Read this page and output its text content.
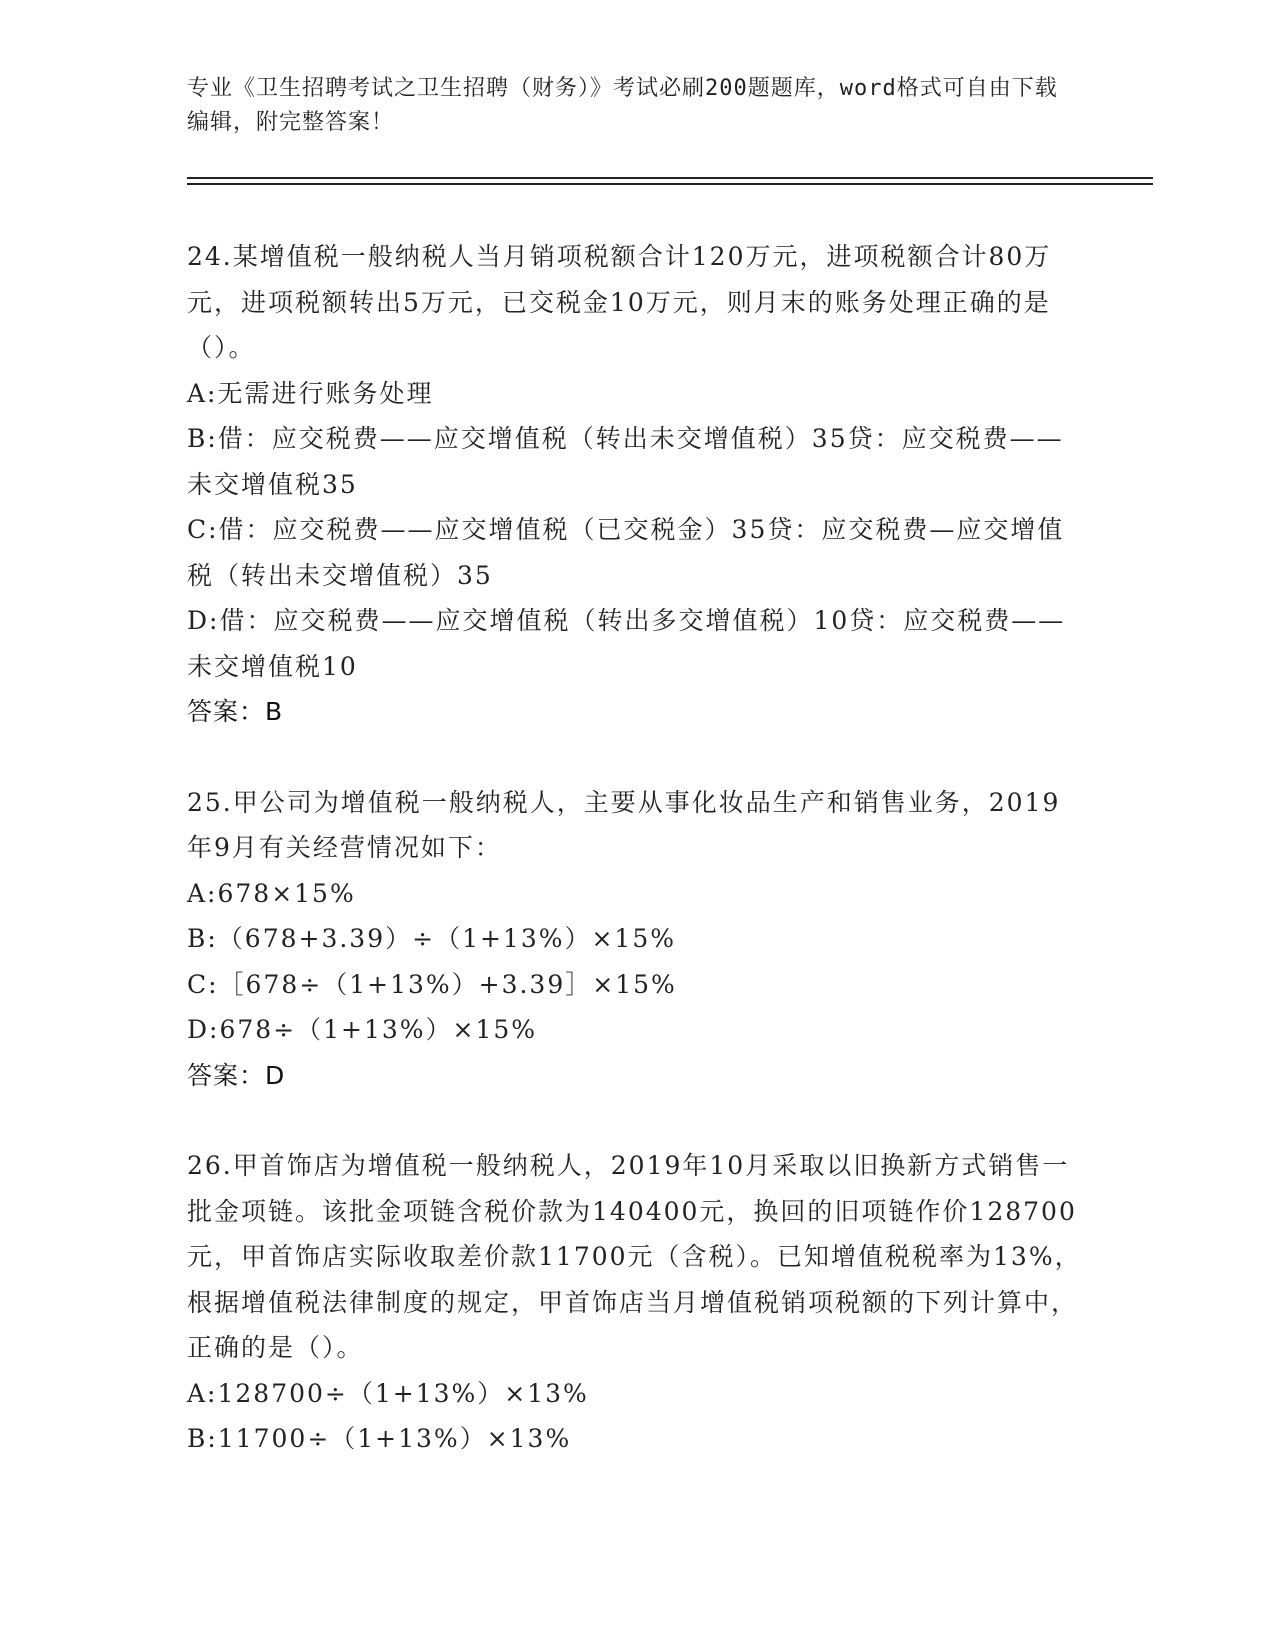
专业《卫生招聘考试之卫生招聘（财务）》考试必刷200题题库，word格式可自由下载编辑，附完整答案！

24.某增值税一般纳税人当月销项税额合计120万元，进项税额合计80万元，进项税额转出5万元，已交税金10万元，则月末的账务处理正确的是（）。

A:无需进行账务处理

B:借：应交税费——应交增值税（转出未交增值税）35贷：应交税费——未交增值税35

C:借：应交税费——应交增值税（已交税金）35贷：应交税费—应交增值税（转出未交增值税）35

D:借：应交税费——应交增值税（转出多交增值税）10贷：应交税费——未交增值税10

答案：B

25.甲公司为增值税一般纳税人，主要从事化妆品生产和销售业务，2019年9月有关经营情况如下：

A:678×15%

B:（678+3.39）÷（1+13%）×15%

C:［678÷（1+13%）+3.39］×15%

D:678÷（1+13%）×15%

答案：D

26.甲首饰店为增值税一般纳税人，2019年10月采取以旧换新方式销售一批金项链。该批金项链含税价款为140400元，换回的旧项链作价128700元，甲首饰店实际收取差价款11700元（含税）。已知增值税税率为13%，根据增值税法律制度的规定，甲首饰店当月增值税销项税额的下列计算中，正确的是（）。

A:128700÷（1+13%）×13%

B:11700÷（1+13%）×13%
